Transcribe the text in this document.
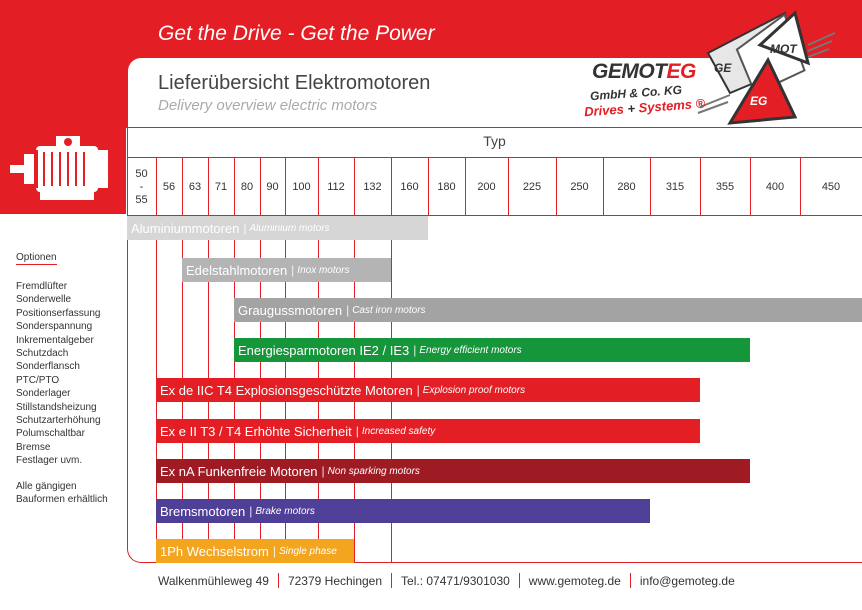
Get the Drive - Get the Power
Lieferübersicht Elektromotoren
Delivery overview electric motors
GE
MOT
EG
GEMOTEG
GmbH & Co. KG
Drives + Systems ®
Typ
50
-
55
56	63	71	80	90	100	112	132	160	180	200	225	250	280	315	355	400	450
Optionen
Fremdlüfter
Sonderwelle
Positionserfassung
Sonderspannung
Inkrementalgeber
Schutzdach
Sonderflansch
PTC/PTO
Sonderlager
Stillstandsheizung
Schutzarterhöhung
Polumschaltbar
Bremse
Festlager uvm.
Alle gängigen
Bauformen erhältlich
Aluminiummotoren | Aluminium motors
Edelstahlmotoren | Inox motors
Graugussmotoren | Cast iron motors
Energiesparmotoren IE2 / IE3 | Energy efficient motors
Ex de IIC T4 Explosionsgeschützte Motoren | Explosion proof motors
Ex e II T3 / T4 Erhöhte Sicherheit | Increased safety
Ex nA Funkenfreie Motoren | Non sparking motors
Bremsmotoren | Brake motors
1Ph Wechselstrom | Single phase
Walkenmühleweg 49 72379 Hechingen Tel.: 07471/9301030 www.gemoteg.de info@gemoteg.de
